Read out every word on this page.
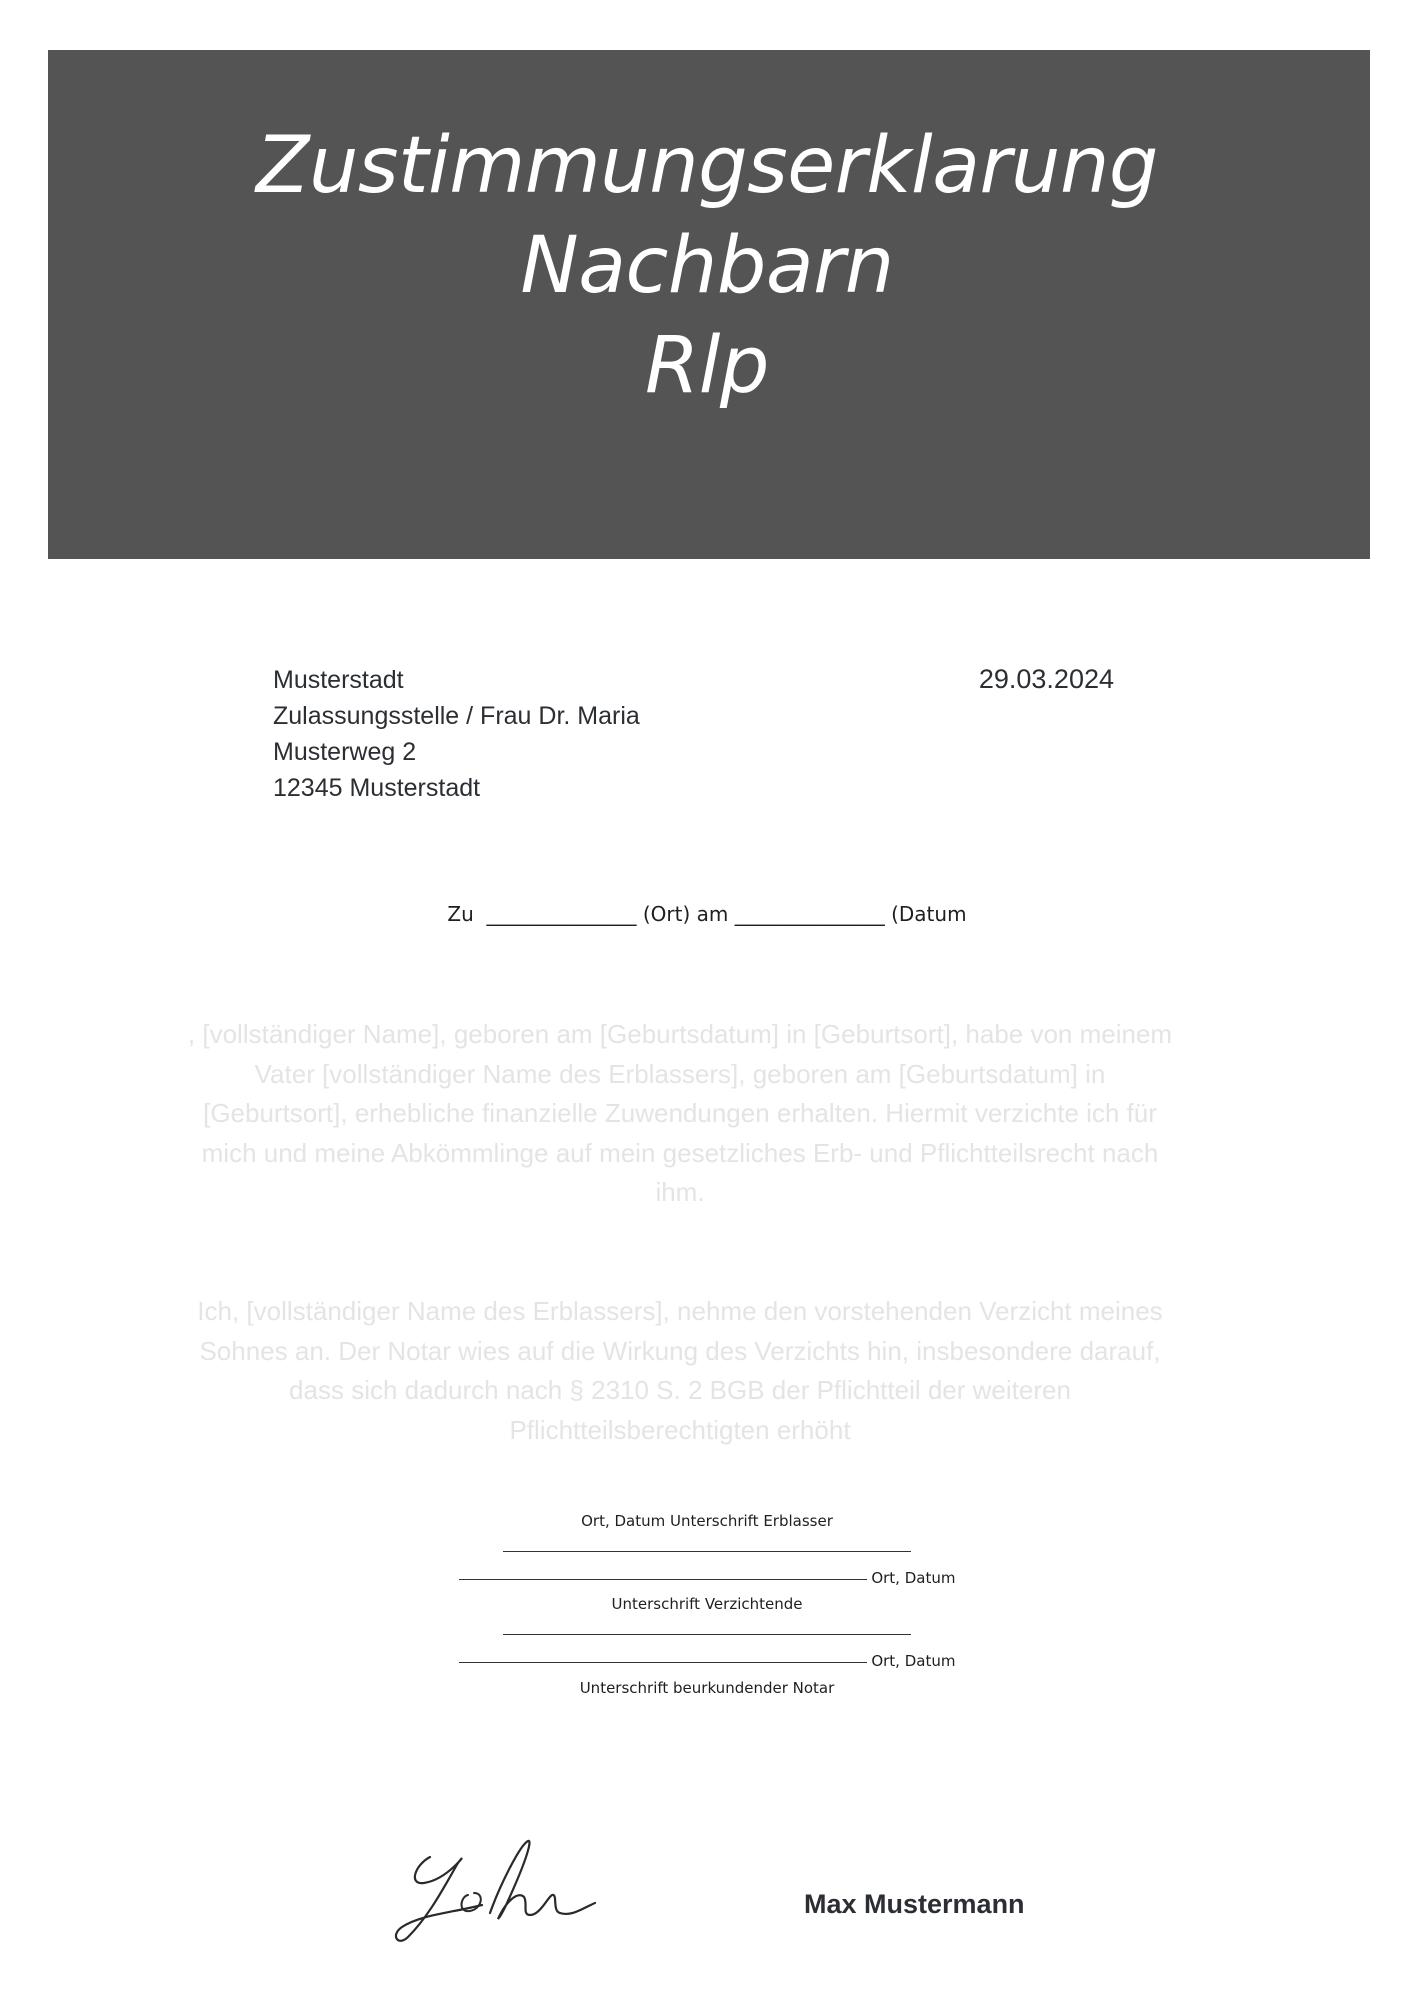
Zustimmungserklarung
Nachbarn
Rlp
Musterstadt
Zulassungsstelle / Frau Dr. Maria
Musterweg 2
12345 Musterstadt
29.03.2024
Zu  _______________ (Ort) am _______________ (Datum
, [vollständiger Name], geboren am [Geburtsdatum] in [Geburtsort], habe von meinem Vater [vollständiger Name des Erblassers], geboren am [Geburtsdatum] in [Geburtsort], erhebliche finanzielle Zuwendungen erhalten. Hiermit verzichte ich für mich und meine Abkömmlinge auf mein gesetzliches Erb- und Pflichtteilsrecht nach ihm.
Ich, [vollständiger Name des Erblassers], nehme den vorstehenden Verzicht meines Sohnes an. Der Notar wies auf die Wirkung des Verzichts hin, insbesondere darauf, dass sich dadurch nach § 2310 S. 2 BGB der Pflichtteil der weiteren Pflichtteilsberechtigten erhöht
Ort, Datum Unterschrift Erblasser
Ort, Datum
Unterschrift Verzichtende
Ort, Datum
Unterschrift beurkundender Notar
Max Mustermann
